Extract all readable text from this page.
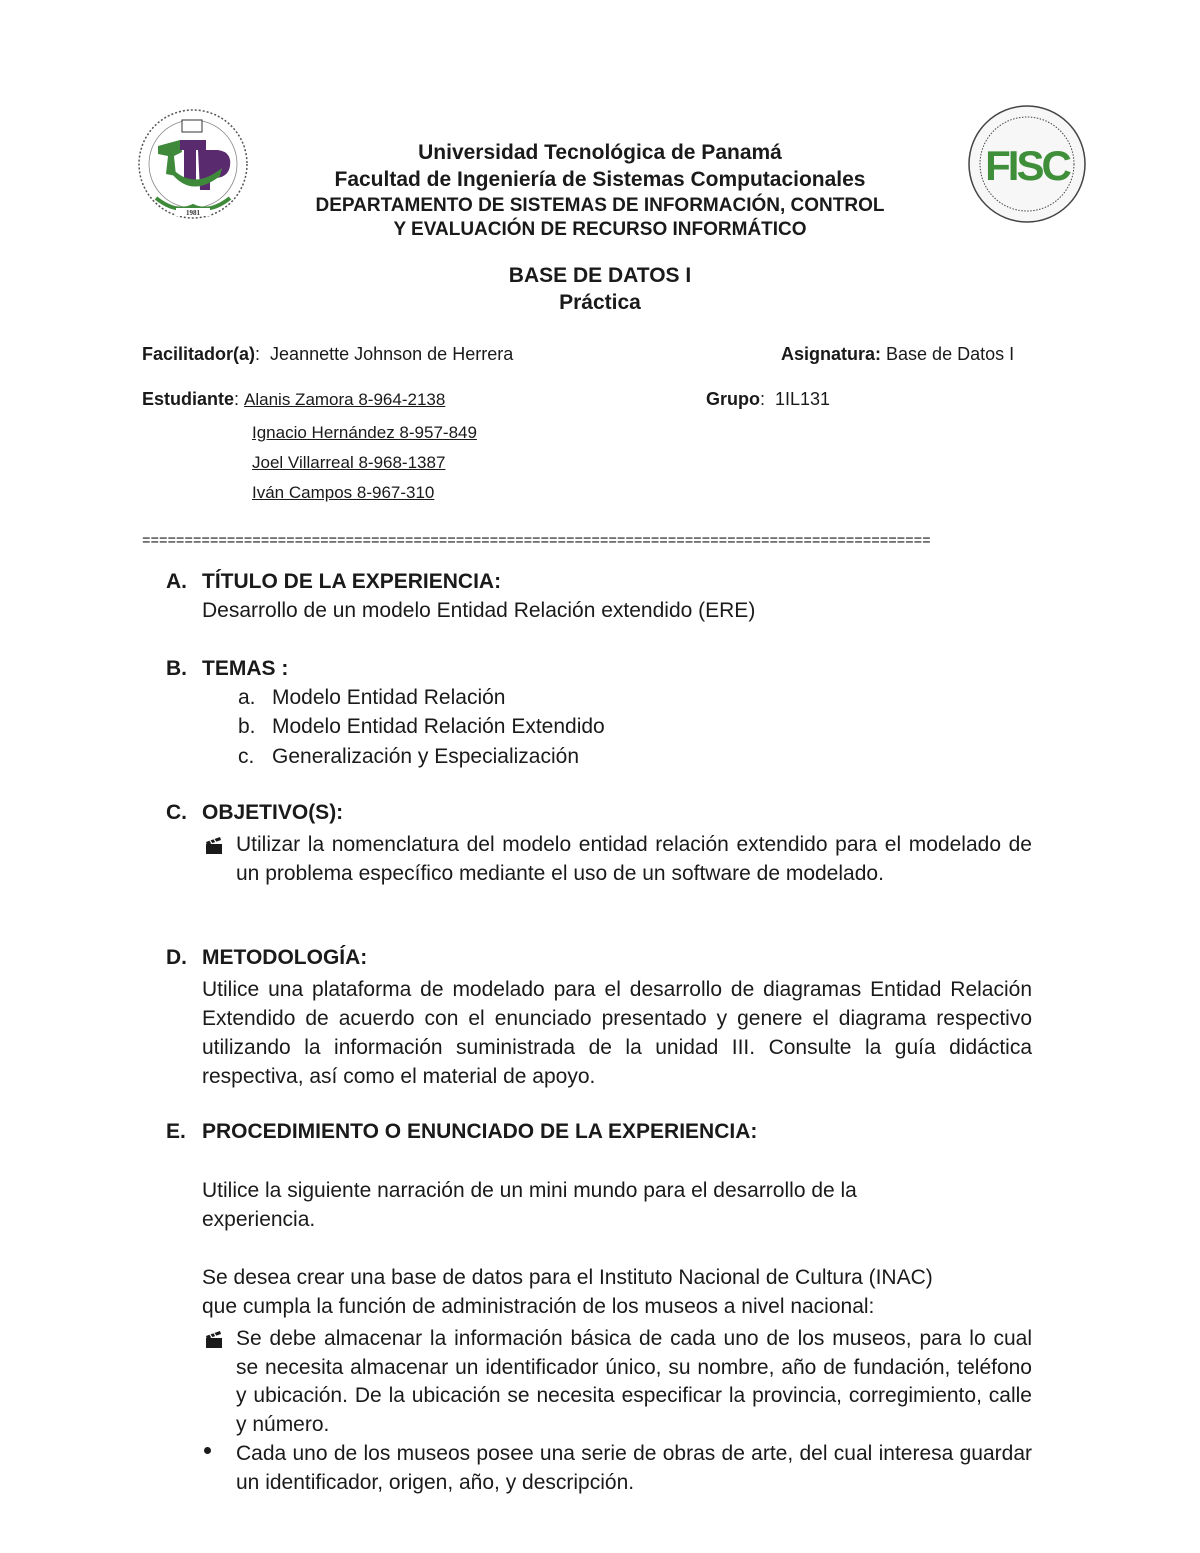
1981
FISC
Universidad Tecnológica de Panamá
Facultad de Ingeniería de Sistemas Computacionales
DEPARTAMENTO DE SISTEMAS DE INFORMACIÓN, CONTROL
Y EVALUACIÓN DE RECURSO INFORMÁTICO
BASE DE DATOS I
Práctica
Facilitador(a):  Jeannette Johnson de Herrera	Asignatura: Base de Datos I
Estudiante: Alanis Zamora 8-964-2138	Grupo:  1IL131
Ignacio Hernández 8-957-849
Joel Villarreal 8-968-1387
Iván Campos 8-967-310
=============================================================================================
A. TÍTULO DE LA EXPERIENCIA:
Desarrollo de un modelo Entidad Relación extendido (ERE)
B. TEMAS :
a. Modelo Entidad Relación
b. Modelo Entidad Relación Extendido
c. Generalización y Especialización
C. OBJETIVO(S):
Utilizar la nomenclatura del modelo entidad relación extendido para el modelado de un problema específico mediante el uso de un software de modelado.
D. METODOLOGÍA:
Utilice una plataforma de modelado para el desarrollo de diagramas Entidad Relación Extendido de acuerdo con el enunciado presentado y genere el diagrama respectivo utilizando la información suministrada de la unidad III. Consulte la guía didáctica respectiva, así como el material de apoyo.
E. PROCEDIMIENTO O ENUNCIADO DE LA EXPERIENCIA:
Utilice la siguiente narración de un mini mundo para el desarrollo de la
experiencia.
Se desea crear una base de datos para el Instituto Nacional de Cultura (INAC)
que cumpla la función de administración de los museos a nivel nacional:
Se debe almacenar la información básica de cada uno de los museos, para lo cual se necesita almacenar un identificador único, su nombre, año de fundación, teléfono y ubicación. De la ubicación se necesita especificar la provincia, corregimiento, calle y número.
Cada uno de los museos posee una serie de obras de arte, del cual interesa guardar un identificador, origen, año, y descripción.
